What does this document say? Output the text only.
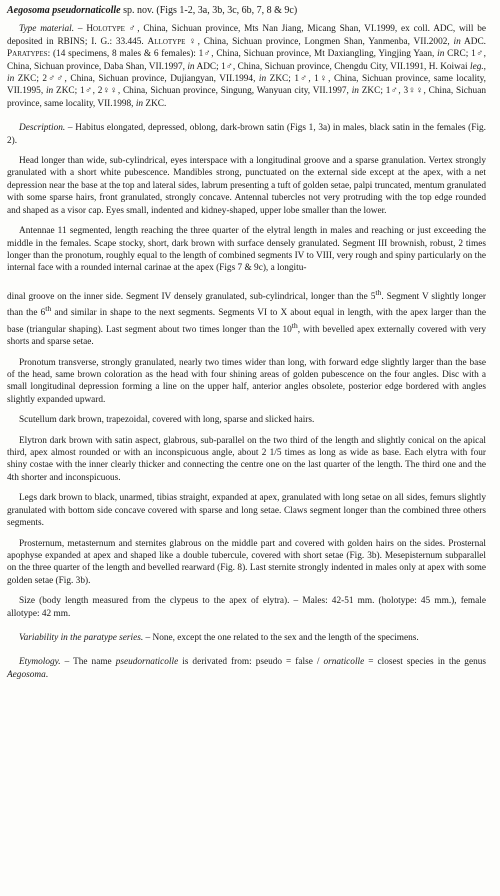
Aegosoma pseudornaticolle sp. nov. (Figs 1-2, 3a, 3b, 3c, 6b, 7, 8 & 9c)

Type material. – Holotype ♂, China, Sichuan province, Mts Nan Jiang, Micang Shan, VI.1999, ex coll. ADC, will be deposited in RBINS; I. G.: 33.445. Allotype ♀, China, Sichuan province, Longmen Shan, Yanmenba, VII.2002, in ADC. Paratypes: (14 specimens, 8 males & 6 females): 1♂, China, Sichuan province, Mt Daxiangling, Yingjing Yaan, in CRC; 1♂, China, Sichuan province, Daba Shan, VII.1997, in ADC; 1♂, China, Sichuan province, Chengdu City, VII.1991, H. Koiwai leg., in ZKC; 2♂♂, China, Sichuan province, Dujiangyan, VII.1994, in ZKC; 1♂, 1♀, China, Sichuan province, same locality, VII.1995, in ZKC; 1♂, 2♀♀, China, Sichuan province, Singung, Wanyuan city, VII.1997, in ZKC; 1♂, 3♀♀, China, Sichuan province, same locality, VII.1998, in ZKC.

Description. – Habitus elongated, depressed, oblong, dark-brown satin (Figs 1, 3a) in males, black satin in the females (Fig. 2).

Head longer than wide, sub-cylindrical, eyes interspace with a longitudinal groove and a sparse granulation. Vertex strongly granulated with a short white pubescence. Mandibles strong, punctuated on the external side except at the apex, with a net depression near the base at the top and lateral sides, labrum presenting a tuft of golden setae, palpi truncated, mentum granulated with some sparse hairs, front granulated, strongly concave. Antennal tubercles not very protruding with the top edge rounded and shaped as a visor cap. Eyes small, indented and kidney-shaped, upper lobe smaller than the lower.

Antennae 11 segmented, length reaching the three quarter of the elytral length in males and reaching or just exceeding the middle in the females. Scape stocky, short, dark brown with surface densely granulated. Segment III brownish, robust, 2 times longer than the pronotum, roughly equal to the length of combined segments IV to VIII, very rough and spiny particularly on the internal face with a rounded internal carinae at the apex (Figs 7 & 9c), a longitu-

dinal groove on the inner side. Segment IV densely granulated, sub-cylindrical, longer than the 5th. Segment V slightly longer than the 6th and similar in shape to the next segments. Segments VI to X about equal in length, with the apex larger than the base (triangular shaping). Last segment about two times longer than the 10th, with bevelled apex externally covered with very shorts and sparse setae.

Pronotum transverse, strongly granulated, nearly two times wider than long, with forward edge slightly larger than the base of the head, same brown coloration as the head with four shining areas of golden pubescence on the four angles. Disc with a small longitudinal depression forming a line on the upper half, anterior angles obsolete, posterior edge bordered with angles slightly expanded upward.

Scutellum dark brown, trapezoidal, covered with long, sparse and slicked hairs.

Elytron dark brown with satin aspect, glabrous, sub-parallel on the two third of the length and slightly conical on the apical third, apex almost rounded or with an inconspicuous angle, about 2 1/5 times as long as wide as base. Each elytra with four shiny costae with the inner clearly thicker and connecting the centre one on the last quarter of the length. The third one and the 4th shorter and inconspicuous.

Legs dark brown to black, unarmed, tibias straight, expanded at apex, granulated with long setae on all sides, femurs slightly granulated with bottom side concave covered with sparse and long setae. Claws segment longer than the combined three others segments.

Prosternum, metasternum and sternites glabrous on the middle part and covered with golden hairs on the sides. Prosternal apophyse expanded at apex and shaped like a double tubercule, covered with short setae (Fig. 3b). Mesepisternum subparallel on the three quarter of the length and bevelled rearward (Fig. 8). Last sternite strongly indented in males only at apex with some golden setae (Fig. 3b).

Size (body length measured from the clypeus to the apex of elytra). – Males: 42-51 mm. (holotype: 45 mm.), female allotype: 42 mm.

Variability in the paratype series. – None, except the one related to the sex and the length of the specimens.

Etymology. – The name pseudornaticolle is derivated from: pseudo = false / ornaticolle = closest species in the genus Aegosoma.
